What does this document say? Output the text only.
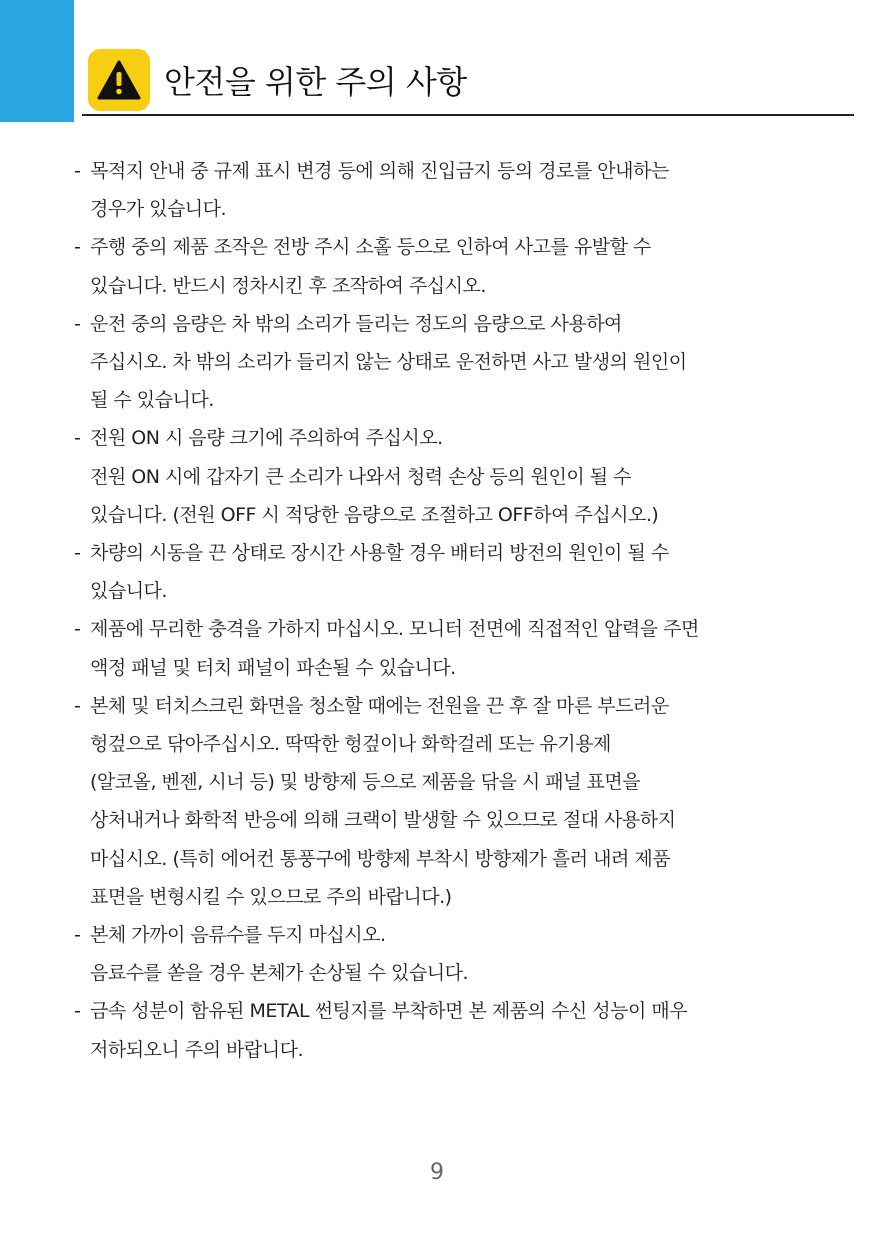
안전을 위한 주의 사항
- 목적지 안내 중 규제 표시 변경 등에 의해 진입금지 등의 경로를 안내하는
경우가 있습니다.
- 주행 중의 제품 조작은 전방 주시 소홀 등으로 인하여 사고를 유발할 수
있습니다. 반드시 정차시킨 후 조작하여 주십시오.
- 운전 중의 음량은 차 밖의 소리가 들리는 정도의 음량으로 사용하여
주십시오. 차 밖의 소리가 들리지 않는 상태로 운전하면 사고 발생의 원인이
될 수 있습니다.
- 전원 ON 시 음량 크기에 주의하여 주십시오.
전원 ON 시에 갑자기 큰 소리가 나와서 청력 손상 등의 원인이 될 수
있습니다. (전원 OFF 시 적당한 음량으로 조절하고 OFF하여 주십시오.)
- 차량의 시동을 끈 상태로 장시간 사용할 경우 배터리 방전의 원인이 될 수
있습니다.
- 제품에 무리한 충격을 가하지 마십시오. 모니터 전면에 직접적인 압력을 주면
액정 패널 및 터치 패널이 파손될 수 있습니다.
- 본체 및 터치스크린 화면을 청소할 때에는 전원을 끈 후 잘 마른 부드러운
헝겊으로 닦아주십시오. 딱딱한 헝겊이나 화학걸레 또는 유기용제
(알코올, 벤젠, 시너 등) 및 방향제 등으로 제품을 닦을 시 패널 표면을
상처내거나 화학적 반응에 의해 크랙이 발생할 수 있으므로 절대 사용하지
마십시오. (특히 에어컨 통풍구에 방향제 부착시 방향제가 흘러 내려 제품
표면을 변형시킬 수 있으므로 주의 바랍니다.)
- 본체 가까이 음류수를 두지 마십시오.
음료수를 쏟을 경우 본체가 손상될 수 있습니다.
- 금속 성분이 함유된 METAL 썬팅지를 부착하면 본 제품의 수신 성능이 매우
저하되오니 주의 바랍니다.
9
